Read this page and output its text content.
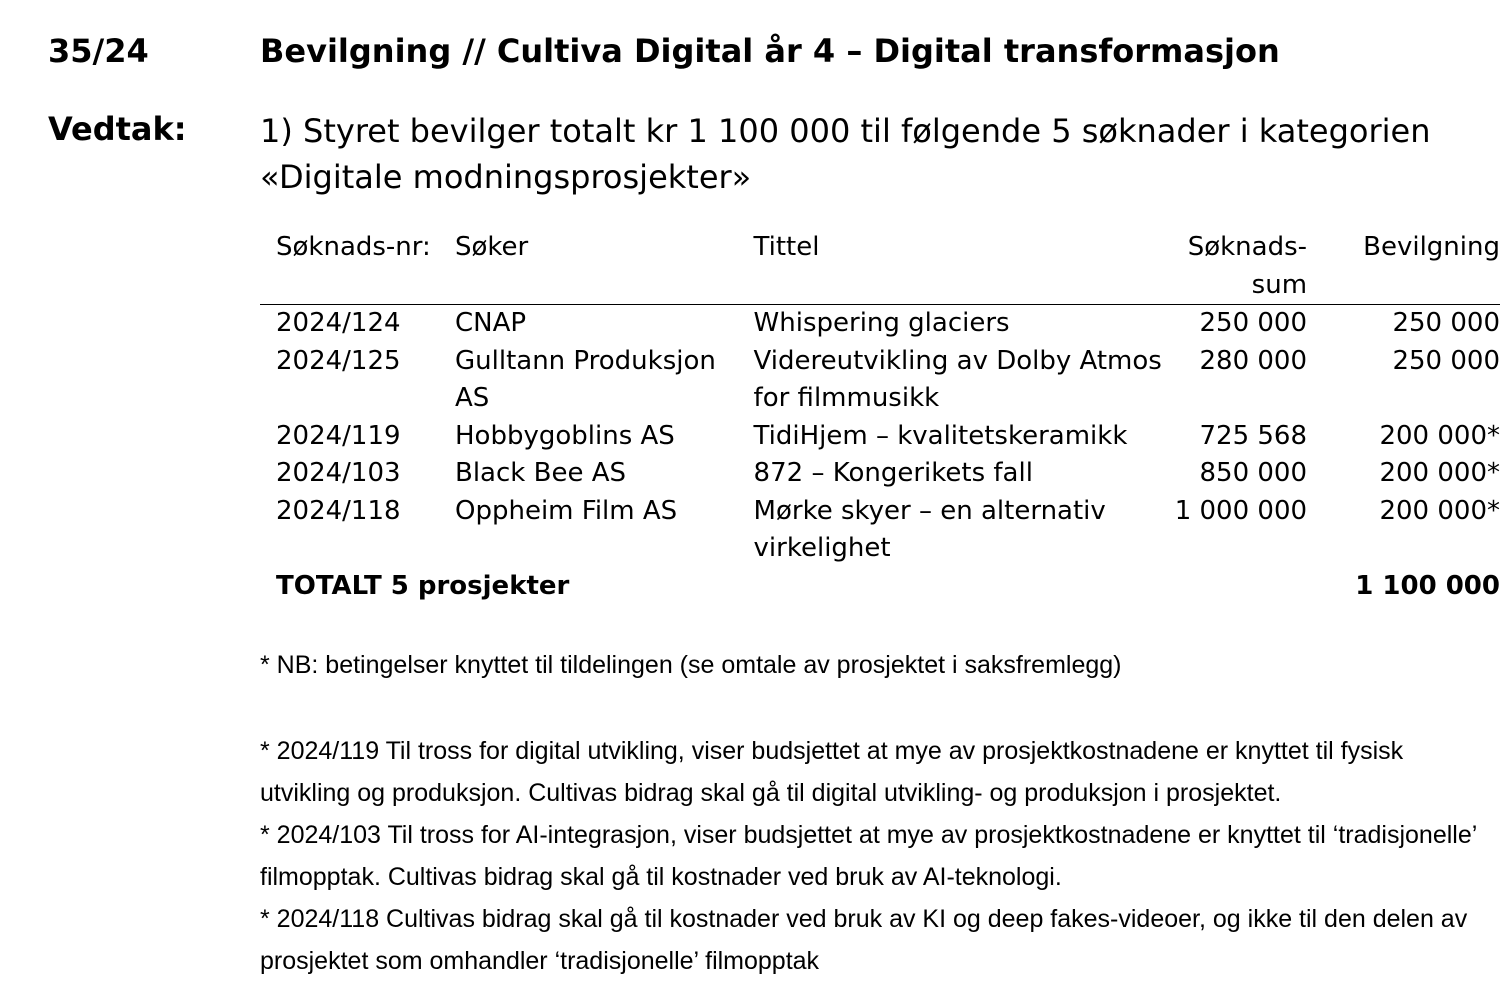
35/24	Bevilgning // Cultiva Digital år 4 – Digital transformasjon
Vedtak: 1) Styret bevilger totalt kr 1 100 000 til følgende 5 søknader i kategorien «Digitale modningsprosjekter»
Søknads-nr:	Søker	Tittel	Søknads-sum	Bevilgning
2024/124	CNAP	Whispering glaciers	250 000	250 000
2024/125	Gulltann Produksjon AS	Videreutvikling av Dolby Atmos for filmmusikk	280 000	250 000
2024/119	Hobbygoblins AS	TidiHjem – kvalitetskeramikk	725 568	200 000*
2024/103	Black Bee AS	872 – Kongerikets fall	850 000	200 000*
2024/118	Oppheim Film AS	Mørke skyer – en alternativ virkelighet	1 000 000	200 000*
TOTALT 5 prosjekter				1 100 000
* NB: betingelser knyttet til tildelingen (se omtale av prosjektet i saksfremlegg)
* 2024/119 Til tross for digital utvikling, viser budsjettet at mye av prosjektkostnadene er knyttet til fysisk utvikling og produksjon. Cultivas bidrag skal gå til digital utvikling- og produksjon i prosjektet.
* 2024/103 Til tross for AI-integrasjon, viser budsjettet at mye av prosjektkostnadene er knyttet til ‘tradisjonelle’ filmopptak. Cultivas bidrag skal gå til kostnader ved bruk av AI-teknologi.
* 2024/118 Cultivas bidrag skal gå til kostnader ved bruk av KI og deep fakes-videoer, og ikke til den delen av prosjektet som omhandler ‘tradisjonelle’ filmopptak
